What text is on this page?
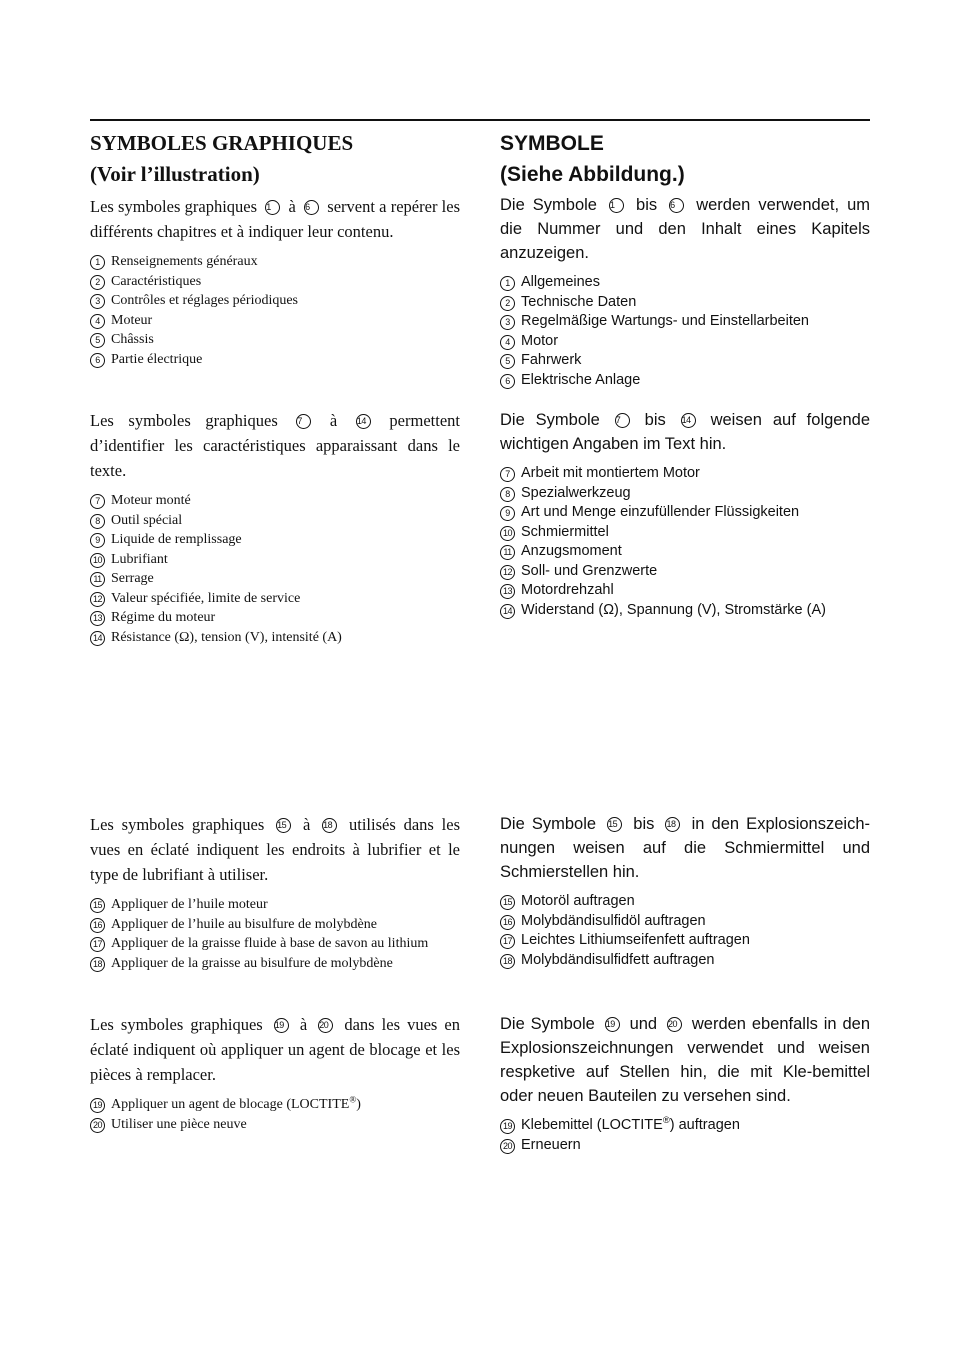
SYMBOLES GRAPHIQUES
(Voir l’illustration)

Les symboles graphiques 1 à 6 servent a repérer les différents chapitres et à indiquer leur contenu.

1 Renseignements généraux
2 Caractéristiques
3 Contrôles et réglages périodiques
4 Moteur
5 Châssis
6 Partie électrique

Les symboles graphiques 7 à 14 permettent d’identifier les caractéristiques apparaissant dans le texte.

7 Moteur monté
8 Outil spécial
9 Liquide de remplissage
10 Lubrifiant
11 Serrage
12 Valeur spécifiée, limite de service
13 Régime du moteur
14 Résistance (Ω), tension (V), intensité (A)

Les symboles graphiques 15 à 18 utilisés dans les vues en éclaté indiquent les endroits à lubrifier et le type de lubrifiant à utiliser.

15 Appliquer de l’huile moteur
16 Appliquer de l’huile au bisulfure de molybdène
17 Appliquer de la graisse fluide à base de savon au lithium
18 Appliquer de la graisse au bisulfure de molybdène

Les symboles graphiques 19 à 20 dans les vues en éclaté indiquent où appliquer un agent de blocage et les pièces à remplacer.

19 Appliquer un agent de blocage (LOCTITE®)
20 Utiliser une pièce neuve
SYMBOLE
(Siehe Abbildung.)

Die Symbole 1 bis 6 werden verwendet, um die Nummer und den Inhalt eines Kapitels anzuzeigen.

1 Allgemeines
2 Technische Daten
3 Regelmäßige Wartungs- und Einstellarbeiten
4 Motor
5 Fahrwerk
6 Elektrische Anlage

Die Symbole 7 bis 14 weisen auf folgende wichtigen Angaben im Text hin.

7 Arbeit mit montiertem Motor
8 Spezialwerkzeug
9 Art und Menge einzufüllender Flüssigkeiten
10 Schmiermittel
11 Anzugsmoment
12 Soll- und Grenzwerte
13 Motordrehzahl
14 Widerstand (Ω), Spannung (V), Stromstärke (A)

Die Symbole 15 bis 18 in den Explosionszeich-nungen weisen auf die Schmiermittel und Schmierstellen hin.

15 Motoröl auftragen
16 Molybdändisulfidöl auftragen
17 Leichtes Lithiumseifenfett auftragen
18 Molybdändisulfidfett auftragen

Die Symbole 19 und 20 werden ebenfalls in den Explosionszeichnungen verwendet und weisen respketive auf Stellen hin, die mit Kle-bemittel oder neuen Bauteilen zu versehen sind.

19 Klebemittel (LOCTITE®) auftragen
20 Erneuern
